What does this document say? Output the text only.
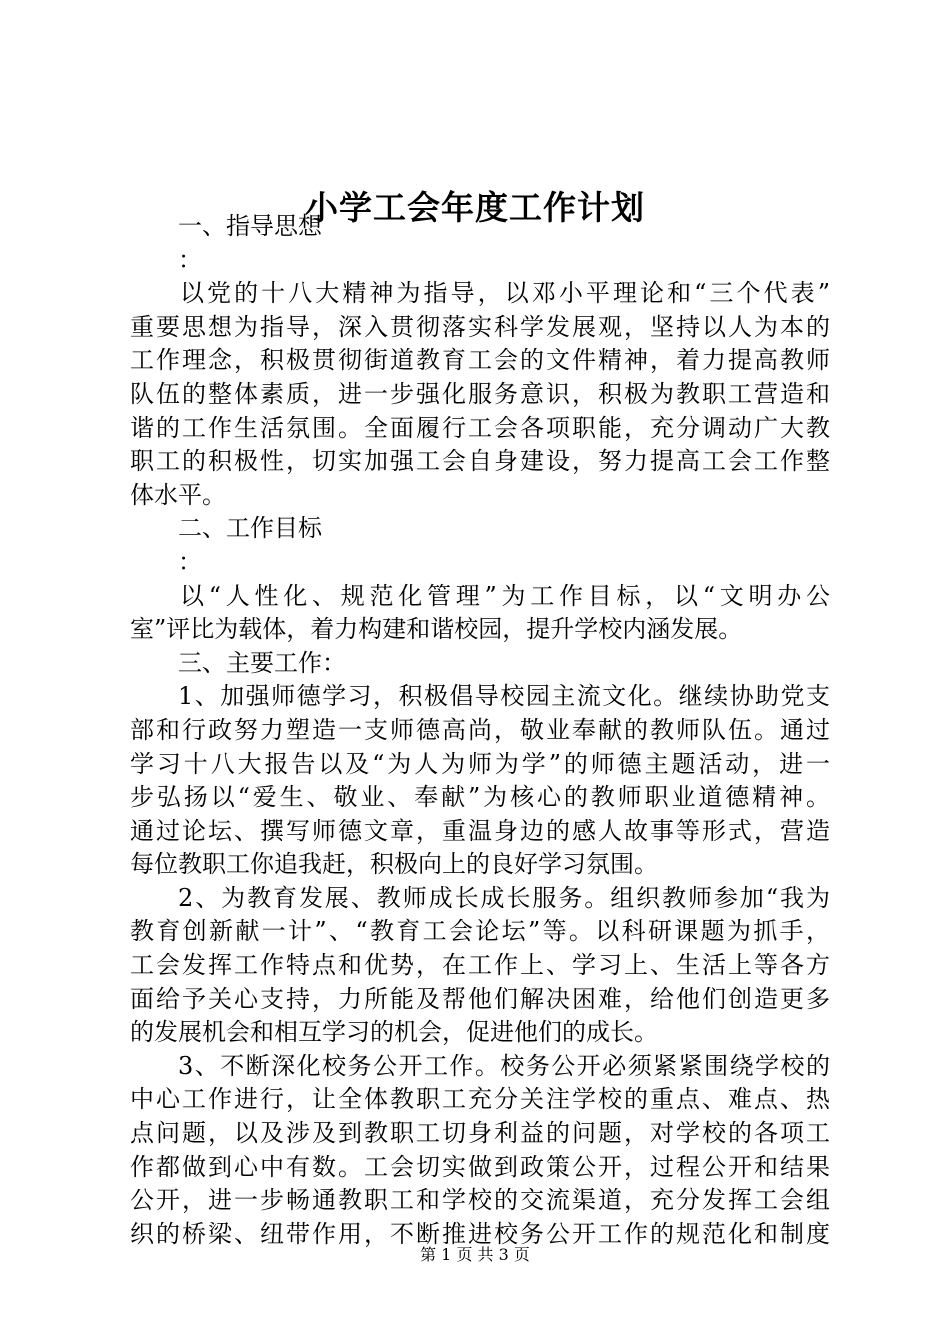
小学工会年度工作计划
一、指导思想
：
以党的十八大精神为指导，以邓小平理论和“三个代表”
重要思想为指导，深入贯彻落实科学发展观，坚持以人为本的
工作理念，积极贯彻街道教育工会的文件精神，着力提高教师
队伍的整体素质，进一步强化服务意识，积极为教职工营造和
谐的工作生活氛围。全面履行工会各项职能，充分调动广大教
职工的积极性，切实加强工会自身建设，努力提高工会工作整
体水平。
二、工作目标
：
以“人性化、规范化管理”为工作目标，以“文明办公
室”评比为载体，着力构建和谐校园，提升学校内涵发展。
三、主要工作：
1、加强师德学习，积极倡导校园主流文化。继续协助党支
部和行政努力塑造一支师德高尚，敬业奉献的教师队伍。通过
学习十八大报告以及“为人为师为学”的师德主题活动，进一
步弘扬以“爱生、敬业、奉献”为核心的教师职业道德精神。
通过论坛、撰写师德文章，重温身边的感人故事等形式，营造
每位教职工你追我赶，积极向上的良好学习氛围。
2、为教育发展、教师成长成长服务。组织教师参加“我为
教育创新献一计”、“教育工会论坛”等。以科研课题为抓手，
工会发挥工作特点和优势，在工作上、学习上、生活上等各方
面给予关心支持，力所能及帮他们解决困难，给他们创造更多
的发展机会和相互学习的机会，促进他们的成长。
3、不断深化校务公开工作。校务公开必须紧紧围绕学校的
中心工作进行，让全体教职工充分关注学校的重点、难点、热
点问题，以及涉及到教职工切身利益的问题，对学校的各项工
作都做到心中有数。工会切实做到政策公开，过程公开和结果
公开，进一步畅通教职工和学校的交流渠道，充分发挥工会组
织的桥梁、纽带作用，不断推进校务公开工作的规范化和制度
第 1 页 共 3 页
